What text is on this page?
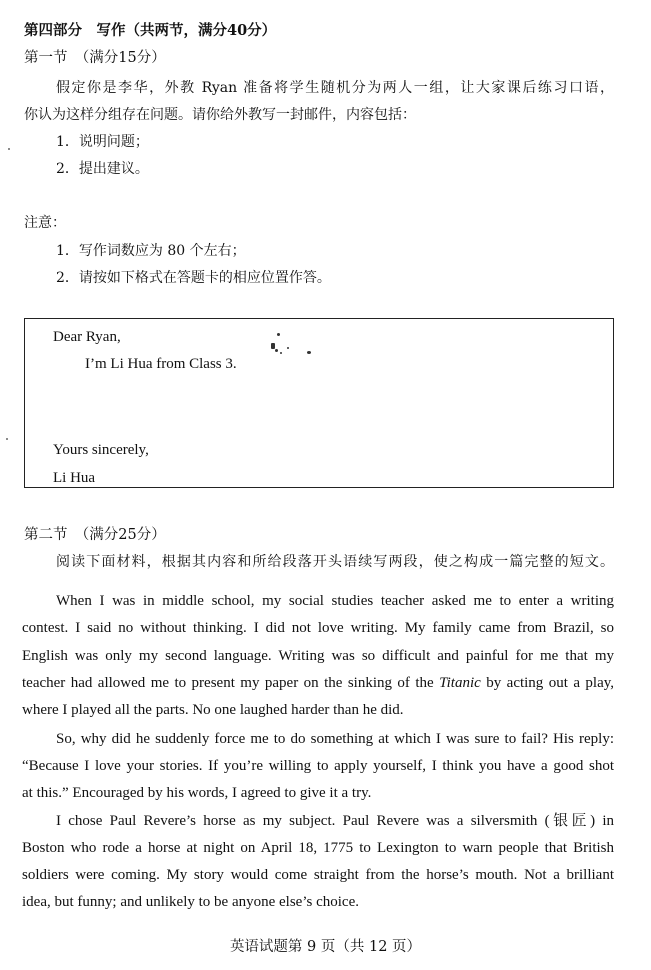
第四部分　写作（共两节，满分40分）
第一节　（满分15分）
假定你是李华，外教 Ryan 准备将学生随机分为两人一组，让大家课后练习口语，
你认为这样分组存在问题。请你给外教写一封邮件，内容包括：
1．说明问题；
2．提出建议。
注意：
1．写作词数应为 80 个左右；
2．请按如下格式在答题卡的相应位置作答。
Dear Ryan,
I’m Li Hua from Class 3.
Yours sincerely,
Li Hua
第二节　（满分25分）
阅读下面材料，根据其内容和所给段落开头语续写两段，使之构成一篇完整的短文。
When I was in middle school, my social studies teacher asked me to enter a writing
contest. I said no without thinking. I did not love writing. My family came from Brazil, so
English was only my second language. Writing was so difficult and painful for me that my
teacher had allowed me to present my paper on the sinking of the Titanic by acting out a play,
where I played all the parts. No one laughed harder than he did.
So, why did he suddenly force me to do something at which I was sure to fail? His reply:
“Because I love your stories. If you’re willing to apply yourself, I think you have a good shot
at this.” Encouraged by his words, I agreed to give it a try.
I chose Paul Revere’s horse as my subject. Paul Revere was a silversmith (银匠) in
Boston who rode a horse at night on April 18, 1775 to Lexington to warn people that British
soldiers were coming. My story would come straight from the horse’s mouth. Not a brilliant
idea, but funny; and unlikely to be anyone else’s choice.
英语试题第 9 页（共 12 页）
